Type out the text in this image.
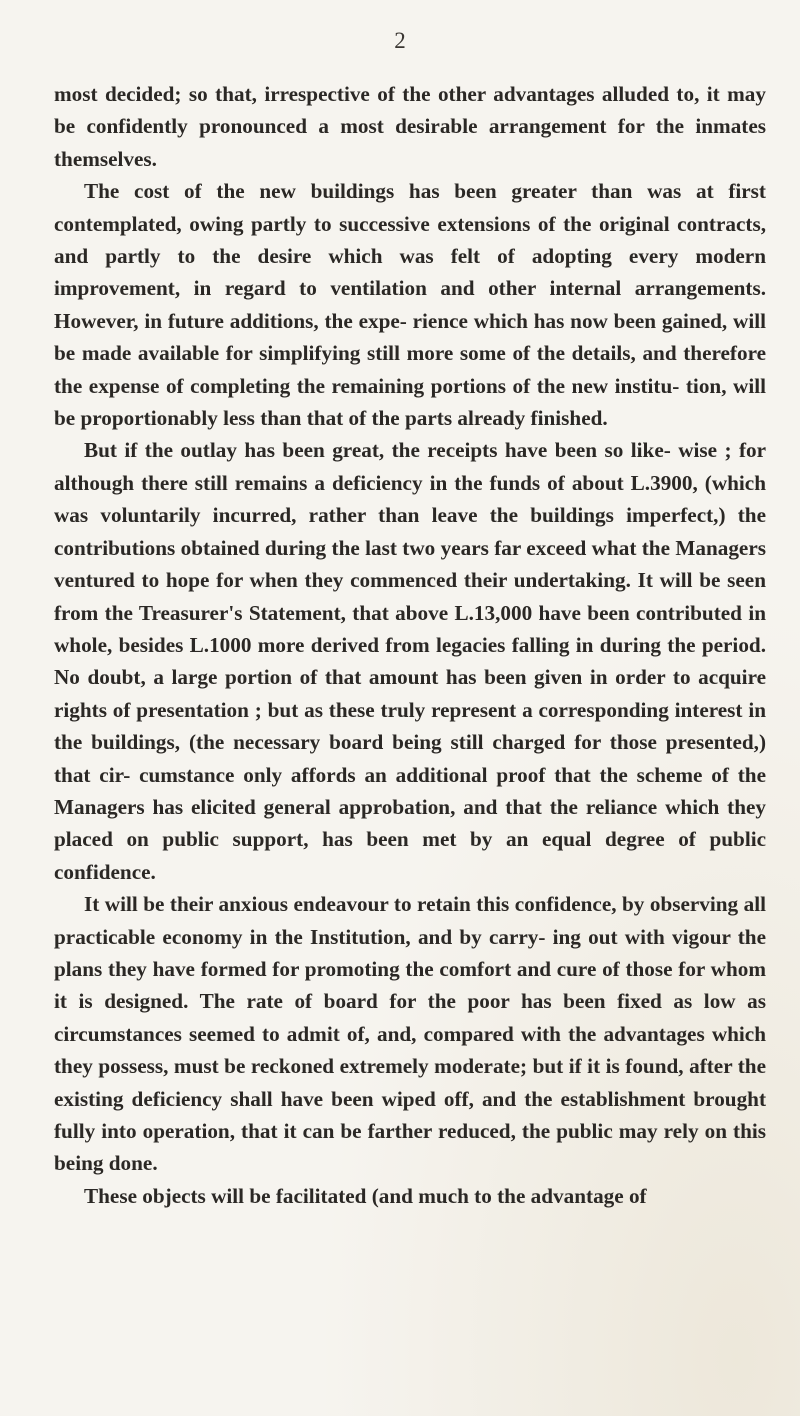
2

most decided; so that, irrespective of the other advantages alluded to, it may be confidently pronounced a most desirable arrangement for the inmates themselves.

The cost of the new buildings has been greater than was at first contemplated, owing partly to successive extensions of the original contracts, and partly to the desire which was felt of adopting every modern improvement, in regard to ventilation and other internal arrangements. However, in future additions, the expe- rience which has now been gained, will be made available for simplifying still more some of the details, and therefore the expense of completing the remaining portions of the new institu- tion, will be proportionably less than that of the parts already finished.

But if the outlay has been great, the receipts have been so like- wise ; for although there still remains a deficiency in the funds of about L.3900, (which was voluntarily incurred, rather than leave the buildings imperfect,) the contributions obtained during the last two years far exceed what the Managers ventured to hope for when they commenced their undertaking. It will be seen from the Treasurer's Statement, that above L.13,000 have been contributed in whole, besides L.1000 more derived from legacies falling in during the period. No doubt, a large portion of that amount has been given in order to acquire rights of presentation ; but as these truly represent a corresponding interest in the buildings, (the necessary board being still charged for those presented,) that cir- cumstance only affords an additional proof that the scheme of the Managers has elicited general approbation, and that the reliance which they placed on public support, has been met by an equal degree of public confidence.

It will be their anxious endeavour to retain this confidence, by observing all practicable economy in the Institution, and by carry- ing out with vigour the plans they have formed for promoting the comfort and cure of those for whom it is designed. The rate of board for the poor has been fixed as low as circumstances seemed to admit of, and, compared with the advantages which they possess, must be reckoned extremely moderate; but if it is found, after the existing deficiency shall have been wiped off, and the establishment brought fully into operation, that it can be farther reduced, the public may rely on this being done.

These objects will be facilitated (and much to the advantage of
